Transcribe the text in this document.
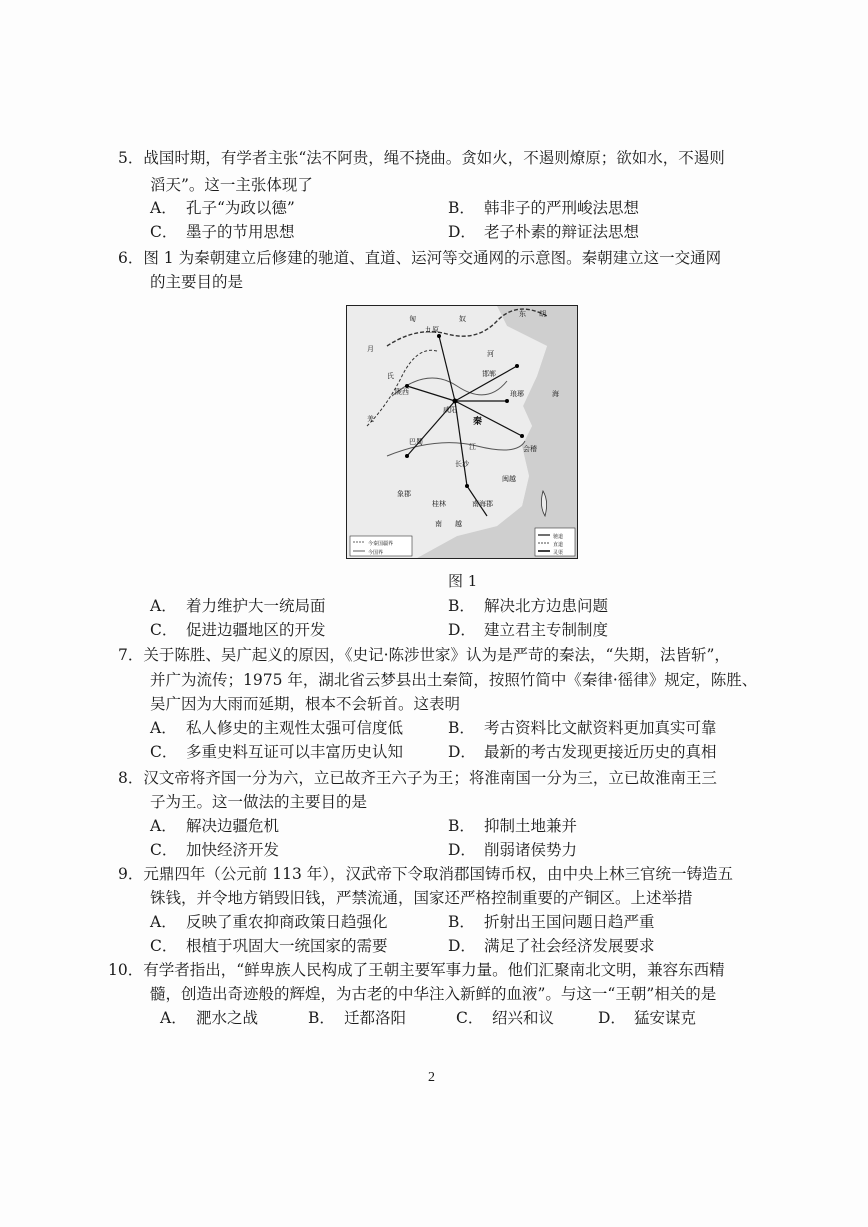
5．战国时期，有学者主张“法不阿贵，绳不挠曲。贪如火，不遏则燎原；欲如水，不遏则
滔天”。这一主张体现了
A． 孔子“为政以德”	B． 韩非子的严刑峻法思想
C． 墨子的节用思想	D． 老子朴素的辩证法思想
6．图 1 为秦朝建立后修建的驰道、直道、运河等交通网的示意图。秦朝建立这一交通网
的主要目的是
匈	奴
东 胡
月
氏
羌	秦
南海郡
象郡
闽越
海
九原
咸阳
邯郸
琅琊
会稽
长沙
江
河
陇西
巴蜀
桂林
南 越
今秦国疆界
今国界
驰道
直道
灵渠
图 1
A． 着力维护大一统局面	B． 解决北方边患问题
C． 促进边疆地区的开发	D． 建立君主专制制度
7．关于陈胜、吴广起义的原因，《史记·陈涉世家》认为是严苛的秦法，“失期，法皆斩”，
并广为流传；1975 年，湖北省云梦县出土秦简，按照竹简中《秦律·徭律》规定，陈胜、
吴广因为大雨而延期，根本不会斩首。这表明
A． 私人修史的主观性太强可信度低	B． 考古资料比文献资料更加真实可靠
C． 多重史料互证可以丰富历史认知	D． 最新的考古发现更接近历史的真相
8．汉文帝将齐国一分为六，立已故齐王六子为王；将淮南国一分为三，立已故淮南王三
子为王。这一做法的主要目的是
A． 解决边疆危机	B． 抑制土地兼并
C． 加快经济开发	D． 削弱诸侯势力
9．元鼎四年（公元前 113 年），汉武帝下令取消郡国铸币权，由中央上林三官统一铸造五
铢钱，并令地方销毁旧钱，严禁流通，国家还严格控制重要的产铜区。上述举措
A． 反映了重农抑商政策日趋强化	B． 折射出王国问题日趋严重
C． 根植于巩固大一统国家的需要	D． 满足了社会经济发展要求
10．有学者指出，“鲜卑族人民构成了王朝主要军事力量。他们汇聚南北文明，兼容东西精
髓，创造出奇迹般的辉煌，为古老的中华注入新鲜的血液”。与这一“王朝”相关的是
A． 淝水之战	B． 迁都洛阳	C． 绍兴和议	D． 猛安谋克
2
